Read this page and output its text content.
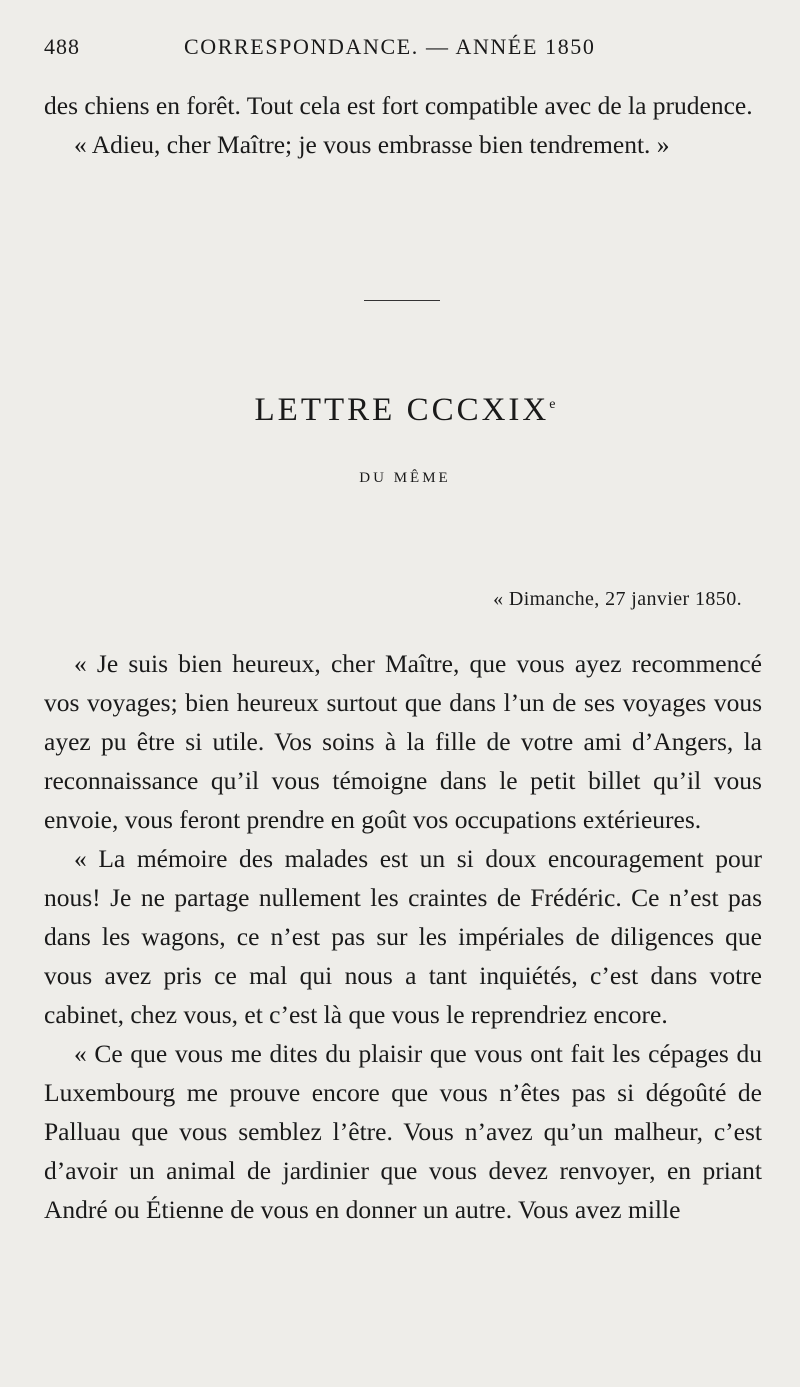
488	CORRESPONDANCE. — ANNÉE 1850

des chiens en forêt. Tout cela est fort compatible avec de la prudence.

« Adieu, cher Maître; je vous embrasse bien tendrement. »

LETTRE CCCXIXe
DU MÊME
« Dimanche, 27 janvier 1850.

« Je suis bien heureux, cher Maître, que vous ayez recommencé vos voyages; bien heureux surtout que dans l’un de ses voyages vous ayez pu être si utile. Vos soins à la fille de votre ami d’Angers, la reconnaissance qu’il vous témoigne dans le petit billet qu’il vous envoie, vous feront prendre en goût vos occupations extérieures.

« La mémoire des malades est un si doux encouragement pour nous! Je ne partage nullement les craintes de Frédéric. Ce n’est pas dans les wagons, ce n’est pas sur les impériales de diligences que vous avez pris ce mal qui nous a tant inquiétés, c’est dans votre cabinet, chez vous, et c’est là que vous le reprendriez encore.

« Ce que vous me dites du plaisir que vous ont fait les cépages du Luxembourg me prouve encore que vous n’êtes pas si dégoûté de Palluau que vous semblez l’être. Vous n’avez qu’un malheur, c’est d’avoir un animal de jardinier que vous devez renvoyer, en priant André ou Étienne de vous en donner un autre. Vous avez mille
